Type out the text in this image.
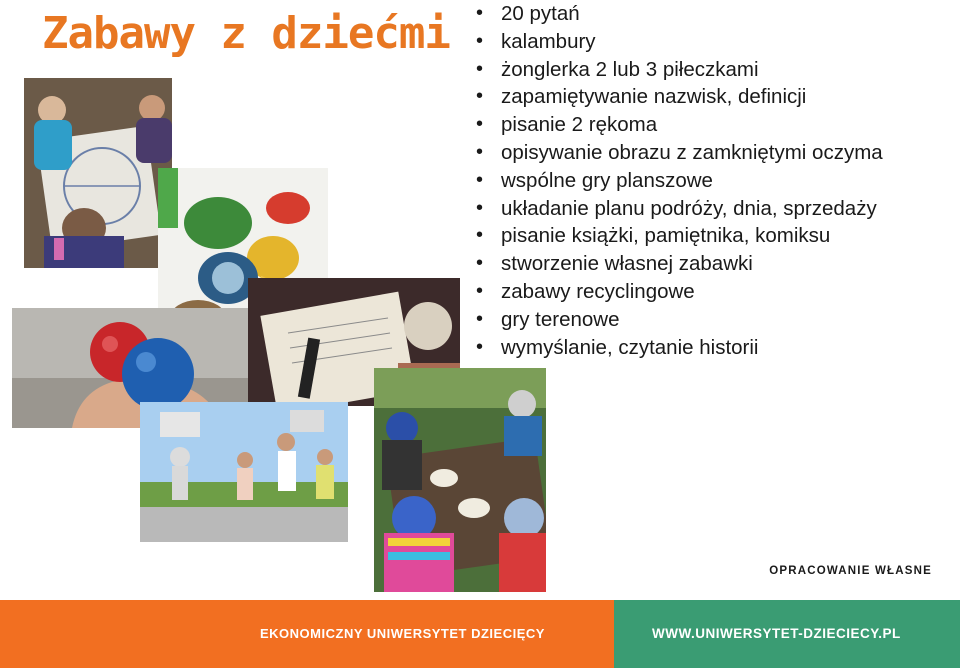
Zabawy z dziećmi
•	20 pytań
• kalambury
• żonglerka 2 lub 3 piłeczkami
• zapamiętywanie nazwisk, definicji
• pisanie 2 rękoma
• opisywanie obrazu z zamkniętymi oczyma
• wspólne gry planszowe
• układanie planu podróży, dnia, sprzedaży
• pisanie książki, pamiętnika, komiksu
• stworzenie własnej zabawki
• zabawy recyclingowe
• gry terenowe
• wymyślanie, czytanie historii
OPRACOWANIE WŁASNE
EKONOMICZNY UNIWERSYTET DZIECIĘCY	WWW.UNIWERSYTET-DZIECIECY.PL
